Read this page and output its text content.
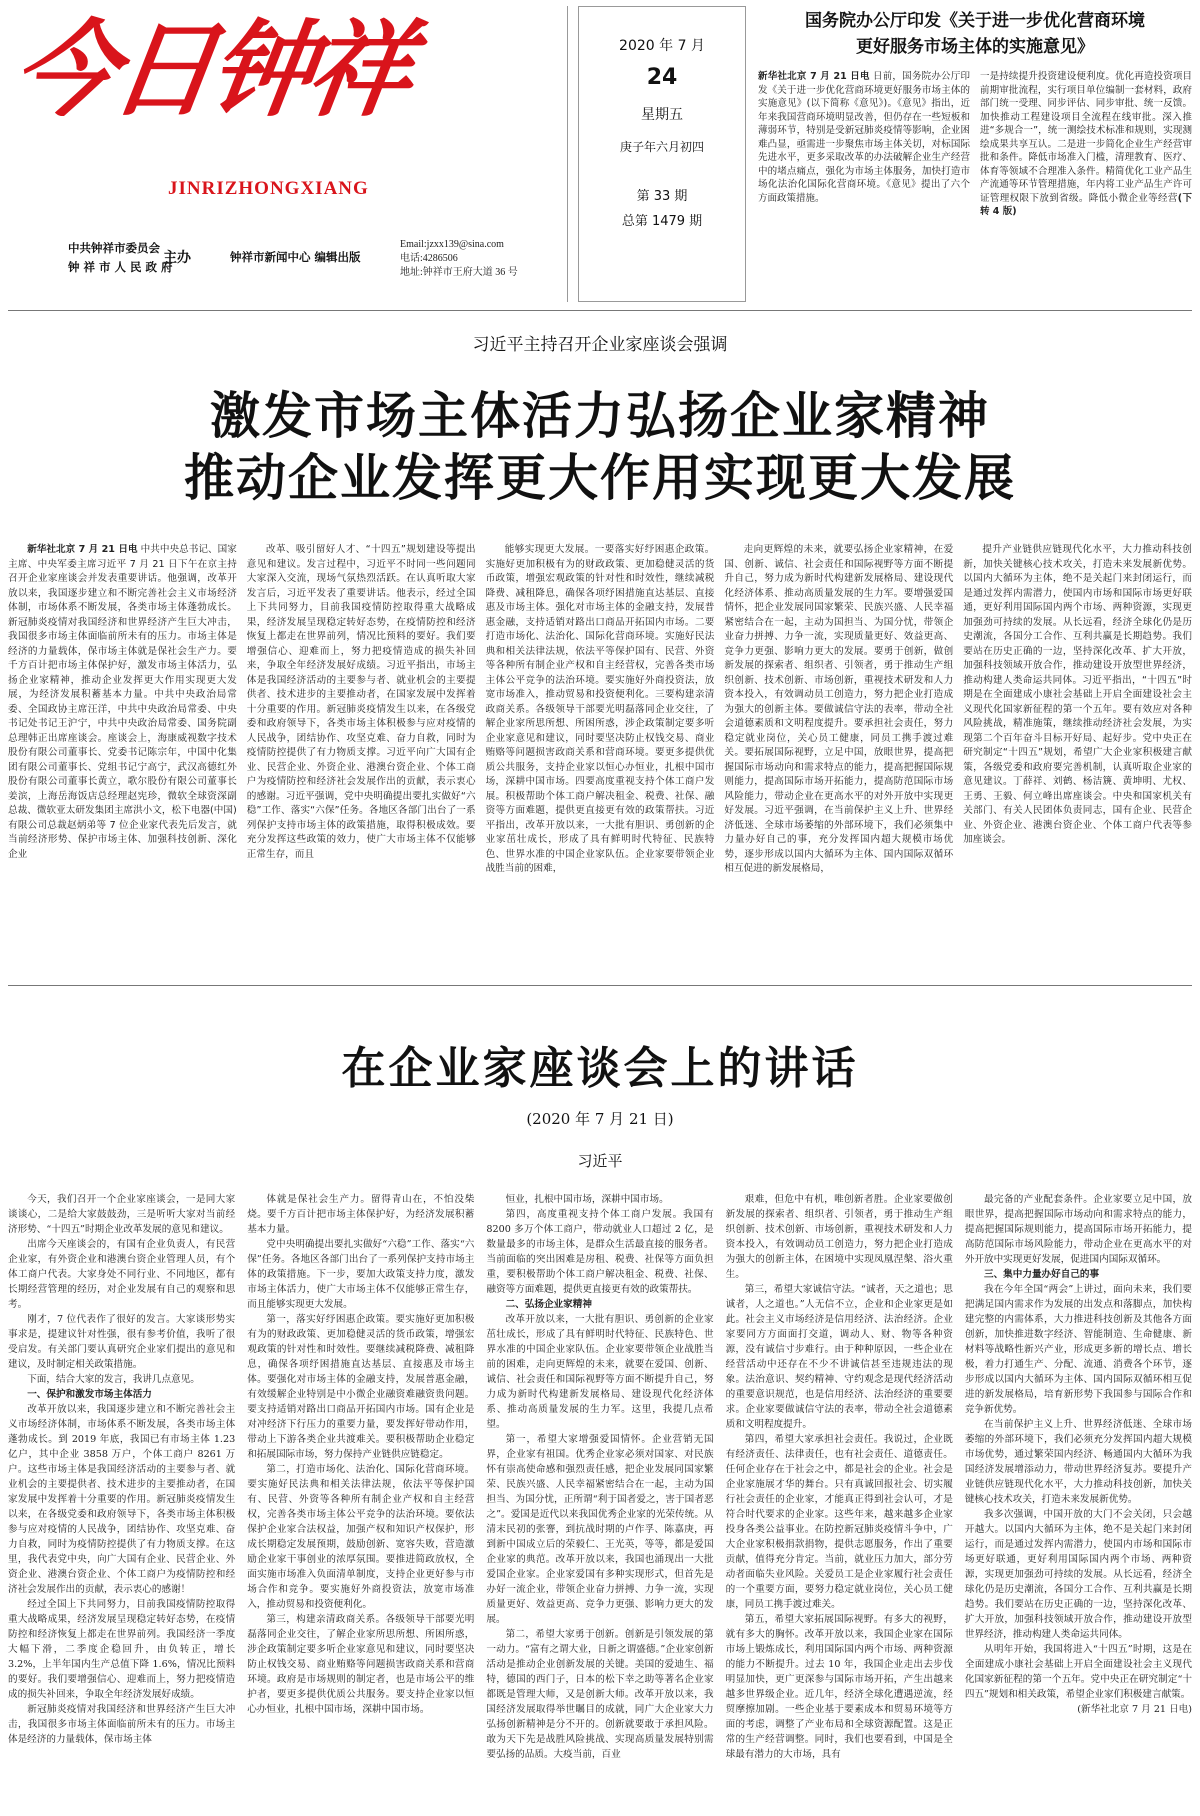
今日钟祥
JINRIZHONGXIANG
中共钟祥市委员会
钟 祥 市 人 民 政 府
主办	钟祥市新闻中心 编辑出版
Email:jzxx139@sina.com
电话:4286506
地址:钟祥市王府大道 36 号
2020 年 7 月
24
星期五
庚子年六月初四
第 33 期
总第 1479 期
国务院办公厅印发《关于进一步优化营商环境
更好服务市场主体的实施意见》
新华社北京 7 月 21 日电 日前，国务院办公厅印发《关于进一步优化营商环境更好服务市场主体的实施意见》(以下简称《意见》)。《意见》指出，近年来我国营商环境明显改善，但仍存在一些短板和薄弱环节，特别是受新冠肺炎疫情等影响，企业困难凸显，亟需进一步聚焦市场主体关切，对标国际先进水平，更多采取改革的办法破解企业生产经营中的堵点痛点，强化为市场主体服务，加快打造市场化法治化国际化营商环境。《意见》提出了六个方面政策措施。
一是持续提升投资建设便利度。优化再造投资项目前期审批流程，实行项目单位编制一套材料，政府部门统一受理、同步评估、同步审批、统一反馈。加快推动工程建设项目全流程在线审批。深入推进“多规合一”，统一测绘技术标准和规则，实现测绘成果共享互认。二是进一步简化企业生产经营审批和条件。降低市场准入门槛，清理教育、医疗、体育等领域不合理准入条件。精简优化工业产品生产流通等环节管理措施，年内将工业产品生产许可证管理权限下放到省级。降低小微企业等经营(下转 4 版)
习近平主持召开企业家座谈会强调
激发市场主体活力弘扬企业家精神
推动企业发挥更大作用实现更大发展

新华社北京 7 月 21 日电 中共中央总书记、国家主席、中央军委主席习近平 7 月 21 日下午在京主持召开企业家座谈会并发表重要讲话。他强调，改革开放以来，我国逐步建立和不断完善社会主义市场经济体制，市场体系不断发展，各类市场主体蓬勃成长。新冠肺炎疫情对我国经济和世界经济产生巨大冲击，我国很多市场主体面临前所未有的压力。市场主体是经济的力量载体，保市场主体就是保社会生产力。要千方百计把市场主体保护好，激发市场主体活力，弘扬企业家精神，推动企业发挥更大作用实现更大发展，为经济发展积蓄基本力量。中共中央政治局常委、全国政协主席汪洋，中共中央政治局常委、中央书记处书记王沪宁，中共中央政治局常委、国务院副总理韩正出席座谈会。座谈会上，海康威视数字技术股份有限公司董事长、党委书记陈宗年，中国中化集团有限公司董事长、党组书记宁高宁，武汉高德红外股份有限公司董事长黄立，歌尔股份有限公司董事长姜滨，上海岳海饭店总经理赵宪珍，微软全球资深副总裁、微软亚太研发集团主席洪小文，松下电器(中国)有限公司总裁赵炳弟等 7 位企业家代表先后发言，就当前经济形势、保护市场主体、加强科技创新、深化企业

改革、吸引留好人才、“十四五”规划建设等提出意见和建议。发言过程中，习近平不时同一些问题同大家深入交流，现场气氛热烈活跃。在认真听取大家发言后，习近平发表了重要讲话。他表示，经过全国上下共同努力，目前我国疫情防控取得重大战略成果，经济发展呈现稳定转好态势，在疫情防控和经济恢复上都走在世界前列，情况比预料的要好。我们要增强信心、迎难而上，努力把疫情造成的损失补回来，争取全年经济发展好成绩。习近平指出，市场主体是我国经济活动的主要参与者、就业机会的主要提供者、技术进步的主要推动者，在国家发展中发挥着十分重要的作用。新冠肺炎疫情发生以来，在各级党委和政府领导下，各类市场主体积极参与应对疫情的人民战争，团结协作、攻坚克难、奋力自救，同时为疫情防控提供了有力物质支撑。习近平向广大国有企业、民营企业、外资企业、港澳台资企业、个体工商户为疫情防控和经济社会发展作出的贡献，表示衷心的感谢。习近平强调，党中央明确提出要扎实做好“六稳”工作、落实“六保”任务。各地区各部门出台了一系列保护支持市场主体的政策措施，取得积极成效。要充分发挥这些政策的效力，使广大市场主体不仅能够正常生存，而且

能够实现更大发展。一要落实好纾困惠企政策。实施好更加积极有为的财政政策、更加稳健灵活的货币政策，增强宏观政策的针对性和时效性，继续减税降费、减租降息，确保各项纾困措施直达基层、直接惠及市场主体。强化对市场主体的金融支持，发展普惠金融，支持适销对路出口商品开拓国内市场。二要打造市场化、法治化、国际化营商环境。实施好民法典和相关法律法规，依法平等保护国有、民营、外资等各种所有制企业产权和自主经营权，完善各类市场主体公平竞争的法治环境。要实施好外商投资法，放宽市场准入，推动贸易和投资便利化。三要构建亲清政商关系。各级领导干部要光明磊落同企业交往，了解企业家所思所想、所困所惑，涉企政策制定要多听企业家意见和建议，同时要坚决防止权钱交易、商业贿赂等问题损害政商关系和营商环境。要更多提供优质公共服务，支持企业家以恒心办恒业，扎根中国市场，深耕中国市场。四要高度重视支持个体工商户发展。积极帮助个体工商户解决租金、税费、社保、融资等方面难题，提供更直接更有效的政策帮扶。习近平指出，改革开放以来，一大批有胆识、勇创新的企业家茁壮成长，形成了具有鲜明时代特征、民族特色、世界水准的中国企业家队伍。企业家要带领企业战胜当前的困难，

走向更辉煌的未来，就要弘扬企业家精神，在爱国、创新、诚信、社会责任和国际视野等方面不断提升自己，努力成为新时代构建新发展格局、建设现代化经济体系、推动高质量发展的生力军。要增强爱国情怀，把企业发展同国家繁荣、民族兴盛、人民幸福紧密结合在一起，主动为国担当、为国分忧，带领企业奋力拼搏、力争一流，实现质量更好、效益更高、竞争力更强、影响力更大的发展。要勇于创新，做创新发展的探索者、组织者、引领者，勇于推动生产组织创新、技术创新、市场创新，重视技术研发和人力资本投入，有效调动员工创造力，努力把企业打造成为强大的创新主体。要做诚信守法的表率，带动全社会道德素质和文明程度提升。要承担社会责任，努力稳定就业岗位，关心员工健康，同员工携手渡过难关。要拓展国际视野，立足中国，放眼世界，提高把握国际市场动向和需求特点的能力，提高把握国际规则能力，提高国际市场开拓能力，提高防范国际市场风险能力，带动企业在更高水平的对外开放中实现更好发展。习近平强调，在当前保护主义上升、世界经济低迷、全球市场萎缩的外部环境下，我们必须集中力量办好自己的事，充分发挥国内超大规模市场优势，逐步形成以国内大循环为主体、国内国际双循环相互促进的新发展格局，

提升产业链供应链现代化水平，大力推动科技创新，加快关键核心技术攻关，打造未来发展新优势。以国内大循环为主体，绝不是关起门来封闭运行，而是通过发挥内需潜力，使国内市场和国际市场更好联通，更好利用国际国内两个市场、两种资源，实现更加强劲可持续的发展。从长远看，经济全球化仍是历史潮流，各国分工合作、互利共赢是长期趋势。我们要站在历史正确的一边，坚持深化改革、扩大开放，加强科技领域开放合作，推动建设开放型世界经济，推动构建人类命运共同体。习近平指出，“十四五”时期是在全面建成小康社会基础上开启全面建设社会主义现代化国家新征程的第一个五年。要有效应对各种风险挑战，精准施策，继续推动经济社会发展，为实现第二个百年奋斗目标开好局、起好步。党中央正在研究制定“十四五”规划，希望广大企业家积极建言献策，各级党委和政府要完善机制，认真听取企业家的意见建议。丁薛祥、刘鹤、杨洁篪、黄坤明、尤权、王勇、王毅、何立峰出席座谈会。中央和国家机关有关部门、有关人民团体负责同志，国有企业、民营企业、外资企业、港澳台资企业、个体工商户代表等参加座谈会。

在企业家座谈会上的讲话
(2020 年 7 月 21 日)
习近平

今天，我们召开一个企业家座谈会，一是同大家谈谈心，二是给大家鼓鼓劲，三是听听大家对当前经济形势、“十四五”时期企业改革发展的意见和建议。

出席今天座谈会的，有国有企业负责人，有民营企业家，有外资企业和港澳台资企业管理人员，有个体工商户代表。大家身处不同行业、不同地区，都有长期经营管理的经历，对企业发展有自己的观察和思考。

刚才，7 位代表作了很好的发言。大家谈形势实事求是，提建议针对性强，很有参考价值，我听了很受启发。有关部门要认真研究企业家们提出的意见和建议，及时制定相关政策措施。

下面，结合大家的发言，我讲几点意见。

一、保护和激发市场主体活力

改革开放以来，我国逐步建立和不断完善社会主义市场经济体制，市场体系不断发展，各类市场主体蓬勃成长。到 2019 年底，我国已有市场主体 1.23 亿户，其中企业 3858 万户，个体工商户 8261 万户。这些市场主体是我国经济活动的主要参与者、就业机会的主要提供者、技术进步的主要推动者，在国家发展中发挥着十分重要的作用。新冠肺炎疫情发生以来，在各级党委和政府领导下，各类市场主体积极参与应对疫情的人民战争，团结协作、攻坚克难、奋力自救，同时为疫情防控提供了有力物质支撑。在这里，我代表党中央，向广大国有企业、民营企业、外资企业、港澳台资企业、个体工商户为疫情防控和经济社会发展作出的贡献，表示衷心的感谢！

经过全国上下共同努力，目前我国疫情防控取得重大战略成果，经济发展呈现稳定转好态势，在疫情防控和经济恢复上都走在世界前列。我国经济一季度大幅下滑，二季度企稳回升，由负转正，增长 3.2%，上半年国内生产总值下降 1.6%，情况比预料的要好。我们要增强信心、迎难而上，努力把疫情造成的损失补回来，争取全年经济发展好成绩。

新冠肺炎疫情对我国经济和世界经济产生巨大冲击，我国很多市场主体面临前所未有的压力。市场主体是经济的力量载体，保市场主体

体就是保社会生产力。留得青山在，不怕没柴烧。要千方百计把市场主体保护好，为经济发展积蓄基本力量。

党中央明确提出要扎实做好“六稳”工作、落实“六保”任务。各地区各部门出台了一系列保护支持市场主体的政策措施。下一步，要加大政策支持力度，激发市场主体活力，使广大市场主体不仅能够正常生存，而且能够实现更大发展。

第一，落实好纾困惠企政策。要实施好更加积极有为的财政政策、更加稳健灵活的货币政策，增强宏观政策的针对性和时效性。要继续减税降费、减租降息，确保各项纾困措施直达基层、直接惠及市场主体。要强化对市场主体的金融支持，发展普惠金融，有效缓解企业特别是中小微企业融资难融资贵问题。要支持适销对路出口商品开拓国内市场。国有企业是对冲经济下行压力的重要力量，要发挥好带动作用，带动上下游各类企业共渡难关。要积极帮助企业稳定和拓展国际市场，努力保持产业链供应链稳定。

第二，打造市场化、法治化、国际化营商环境。要实施好民法典和相关法律法规，依法平等保护国有、民营、外资等各种所有制企业产权和自主经营权，完善各类市场主体公平竞争的法治环境。要依法保护企业家合法权益，加强产权和知识产权保护，形成长期稳定发展预期，鼓励创新、宽容失败，营造激励企业家干事创业的浓厚氛围。要推进简政放权，全面实施市场准入负面清单制度，支持企业更好参与市场合作和竞争。要实施好外商投资法，放宽市场准入，推动贸易和投资便利化。

第三，构建亲清政商关系。各级领导干部要光明磊落同企业交往，了解企业家所思所想、所困所惑，涉企政策制定要多听企业家意见和建议，同时要坚决防止权钱交易、商业贿赂等问题损害政商关系和营商环境。政府是市场规则的制定者，也是市场公平的维护者，要更多提供优质公共服务。要支持企业家以恒心办恒业，扎根中国市场，深耕中国市场。

恒业，扎根中国市场，深耕中国市场。

第四，高度重视支持个体工商户发展。我国有 8200 多万个体工商户，带动就业人口超过 2 亿，是数量最多的市场主体，是群众生活最直接的服务者。当前面临的突出困难是房租、税费、社保等方面负担重，要积极帮助个体工商户解决租金、税费、社保、融资等方面难题，提供更直接更有效的政策帮扶。

二、弘扬企业家精神

改革开放以来，一大批有胆识、勇创新的企业家茁壮成长，形成了具有鲜明时代特征、民族特色、世界水准的中国企业家队伍。企业家要带领企业战胜当前的困难，走向更辉煌的未来，就要在爱国、创新、诚信、社会责任和国际视野等方面不断提升自己，努力成为新时代构建新发展格局、建设现代化经济体系、推动高质量发展的生力军。这里，我提几点希望。

第一，希望大家增强爱国情怀。企业营销无国界，企业家有祖国。优秀企业家必须对国家、对民族怀有崇高使命感和强烈责任感，把企业发展同国家繁荣、民族兴盛、人民幸福紧密结合在一起，主动为国担当、为国分忧，正所谓“利于国者爱之，害于国者恶之”。爱国是近代以来我国优秀企业家的光荣传统。从清末民初的张謇，到抗战时期的卢作孚、陈嘉庚，再到新中国成立后的荣毅仁、王光英，等等，都是爱国企业家的典范。改革开放以来，我国也涌现出一大批爱国企业家。企业家爱国有多种实现形式，但首先是办好一流企业，带领企业奋力拼搏、力争一流，实现质量更好、效益更高、竞争力更强、影响力更大的发展。

第二，希望大家勇于创新。创新是引领发展的第一动力。“富有之谓大业，日新之谓盛德。”企业家创新活动是推动企业创新发展的关键。美国的爱迪生、福特，德国的西门子，日本的松下幸之助等著名企业家都既是管理大师，又是创新大师。改革开放以来，我国经济发展取得举世瞩目的成就，同广大企业家大力弘扬创新精神是分不开的。创新就要敢于承担风险。敢为天下先是战胜风险挑战、实现高质量发展特别需要弘扬的品质。大疫当前，百业

艰难，但危中有机，唯创新者胜。企业家要做创新发展的探索者、组织者、引领者，勇于推动生产组织创新、技术创新、市场创新，重视技术研发和人力资本投入，有效调动员工创造力，努力把企业打造成为强大的创新主体，在困境中实现凤凰涅槃、浴火重生。

第三，希望大家诚信守法。“诚者，天之道也；思诚者，人之道也。”人无信不立，企业和企业家更是如此。社会主义市场经济是信用经济、法治经济。企业家要同方方面面打交道，调动人、财、物等各种资源，没有诚信寸步难行。由于种种原因，一些企业在经营活动中还存在不少不讲诚信甚至违规违法的现象。法治意识、契约精神、守约观念是现代经济活动的重要意识规范，也是信用经济、法治经济的重要要求。企业家要做诚信守法的表率，带动全社会道德素质和文明程度提升。

第四，希望大家承担社会责任。我说过，企业既有经济责任、法律责任，也有社会责任、道德责任。任何企业存在于社会之中，都是社会的企业。社会是企业家施展才华的舞台。只有真诚回报社会、切实履行社会责任的企业家，才能真正得到社会认可，才是符合时代要求的企业家。这些年来，越来越多企业家投身各类公益事业。在防控新冠肺炎疫情斗争中，广大企业家积极捐款捐物，提供志愿服务，作出了重要贡献，值得充分肯定。当前，就业压力加大，部分劳动者面临失业风险。关爱员工是企业家履行社会责任的一个重要方面，要努力稳定就业岗位，关心员工健康，同员工携手渡过难关。

第五，希望大家拓展国际视野。有多大的视野，就有多大的胸怀。改革开放以来，我国企业家在国际市场上锻炼成长，利用国际国内两个市场、两种资源的能力不断提升。过去 10 年，我国企业走出去步伐明显加快，更广更深参与国际市场开拓，产生出越来越多世界级企业。近几年，经济全球化遭遇逆流，经贸摩擦加剧。一些企业基于要素成本和贸易环境等方面的考虑，调整了产业布局和全球资源配置。这是正常的生产经营调整。同时，我们也要看到，中国是全球最有潜力的大市场，具有

最完备的产业配套条件。企业家要立足中国，放眼世界，提高把握国际市场动向和需求特点的能力，提高把握国际规则能力，提高国际市场开拓能力，提高防范国际市场风险能力，带动企业在更高水平的对外开放中实现更好发展，促进国内国际双循环。

三、集中力量办好自己的事

我在今年全国“两会”上讲过，面向未来，我们要把满足国内需求作为发展的出发点和落脚点，加快构建完整的内需体系，大力推进科技创新及其他各方面创新，加快推进数字经济、智能制造、生命健康、新材料等战略性新兴产业，形成更多新的增长点、增长极，着力打通生产、分配、流通、消费各个环节，逐步形成以国内大循环为主体、国内国际双循环相互促进的新发展格局，培育新形势下我国参与国际合作和竞争新优势。

在当前保护主义上升、世界经济低迷、全球市场萎缩的外部环境下，我们必须充分发挥国内超大规模市场优势，通过繁荣国内经济、畅通国内大循环为我国经济发展增添动力，带动世界经济复苏。要提升产业链供应链现代化水平，大力推动科技创新，加快关键核心技术攻关，打造未来发展新优势。

我多次强调，中国开放的大门不会关闭，只会越开越大。以国内大循环为主体，绝不是关起门来封闭运行，而是通过发挥内需潜力，使国内市场和国际市场更好联通，更好利用国际国内两个市场、两种资源，实现更加强劲可持续的发展。从长远看，经济全球化仍是历史潮流，各国分工合作、互利共赢是长期趋势。我们要站在历史正确的一边，坚持深化改革、扩大开放，加强科技领域开放合作，推动建设开放型世界经济，推动构建人类命运共同体。

从明年开始，我国将进入“十四五”时期，这是在全面建成小康社会基础上开启全面建设社会主义现代化国家新征程的第一个五年。党中央正在研究制定“十四五”规划和相关政策，希望企业家们积极建言献策。

(新华社北京 7 月 21 日电)
